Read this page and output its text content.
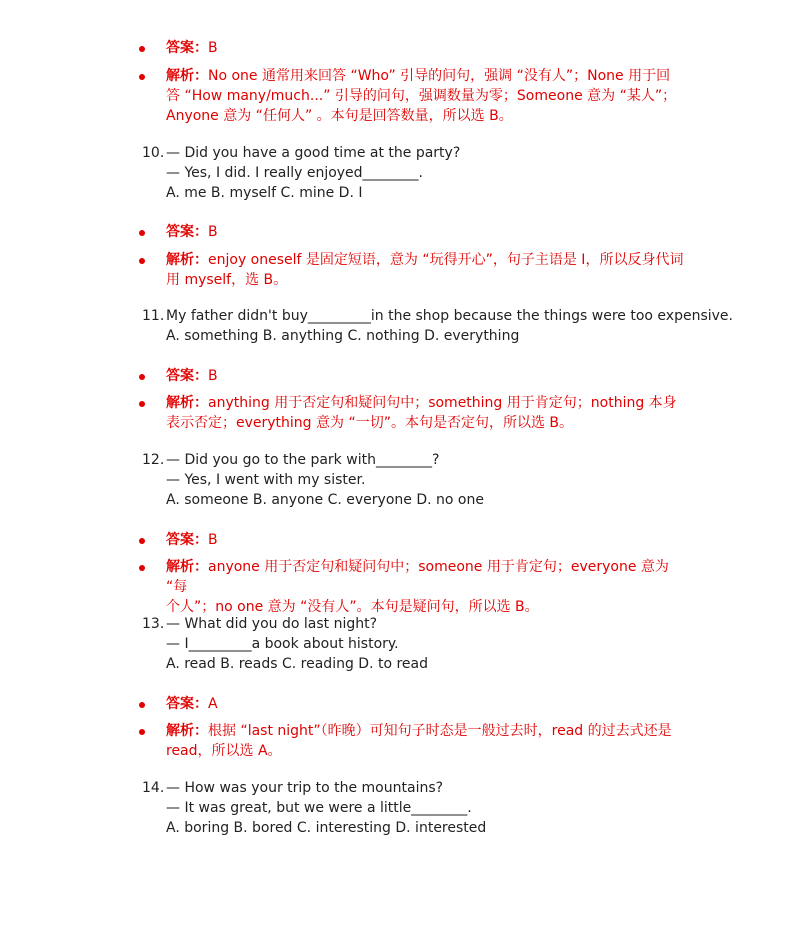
答案：B
解析：No one 通常用来回答 “Who” 引导的问句，强调 “没有人”；None 用于回
答 “How many/much...” 引导的问句，强调数量为零；Someone 意为 “某人”；
Anyone 意为 “任何人” 。本句是回答数量，所以选 B。
10. — Did you have a good time at the party?
— Yes, I did. I really enjoyed________.
A. me B. myself C. mine D. I
答案：B
解析：enjoy oneself 是固定短语，意为 “玩得开心”，句子主语是 I，所以反身代词
用 myself，选 B。
11. My father didn't buy_________in the shop because the things were too expensive.
A. something B. anything C. nothing D. everything
答案：B
解析：anything 用于否定句和疑问句中；something 用于肯定句；nothing 本身
表示否定；everything 意为 “一切”。本句是否定句，所以选 B。
12. — Did you go to the park with________?
— Yes, I went with my sister.
A. someone B. anyone C. everyone D. no one
答案：B
解析：anyone 用于否定句和疑问句中；someone 用于肯定句；everyone 意为 “每
个人”；no one 意为 “没有人”。本句是疑问句，所以选 B。
13. — What did you do last night?
— I_________a book about history.
A. read B. reads C. reading D. to read
答案：A
解析：根据 “last night”（昨晚）可知句子时态是一般过去时，read 的过去式还是
read，所以选 A。
14. — How was your trip to the mountains?
— It was great, but we were a little________.
A. boring B. bored C. interesting D. interested
